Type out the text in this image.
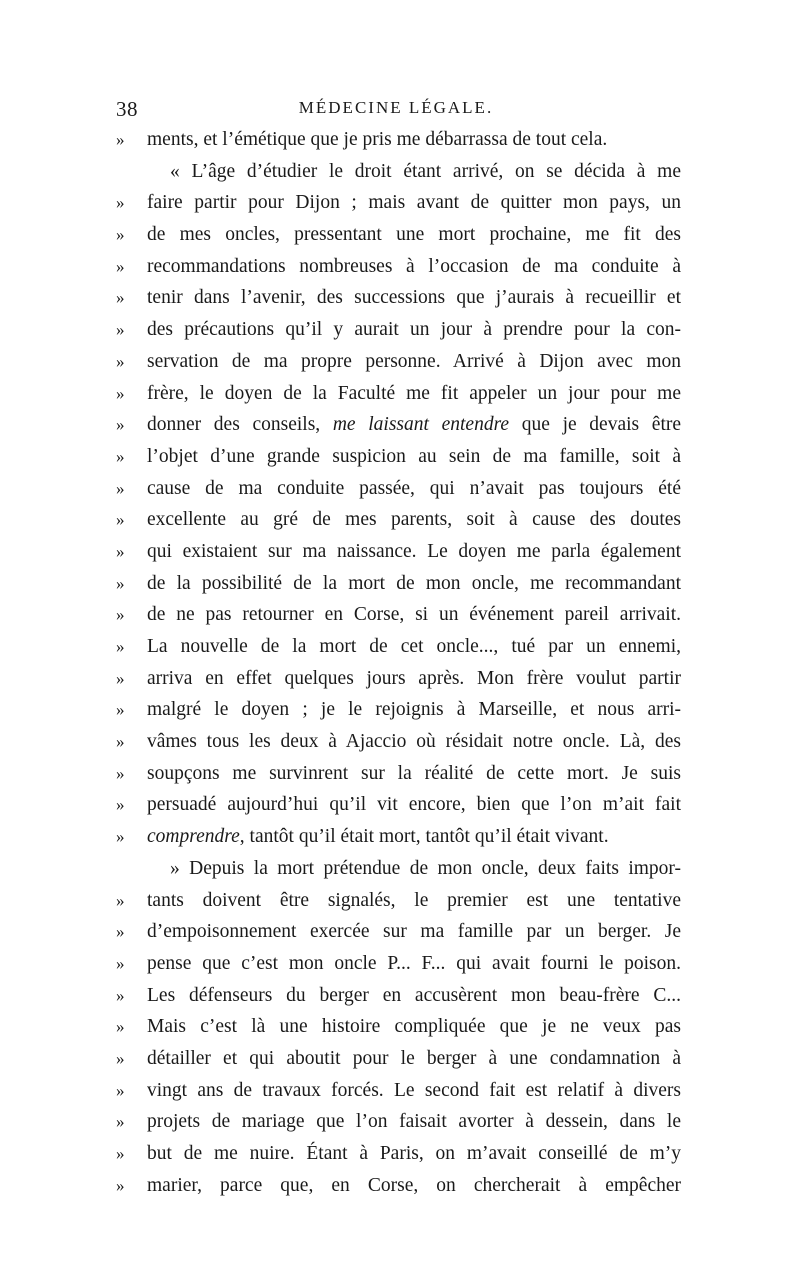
38	MÉDECINE LÉGALE.
»	ments, et l’émétique que je pris me débarrassa de tout cela.
« L’âge d’étudier le droit étant arrivé, on se décida à me
»	faire partir pour Dijon ; mais avant de quitter mon pays, un
»	de mes oncles, pressentant une mort prochaine, me fit des
»	recommandations nombreuses à l’occasion de ma conduite à
»	tenir dans l’avenir, des successions que j’aurais à recueillir et
»	des précautions qu’il y aurait un jour à prendre pour la con-
»	servation de ma propre personne. Arrivé à Dijon avec mon
»	frère, le doyen de la Faculté me fit appeler un jour pour me
»	donner des conseils, me laissant entendre que je devais être
»	l’objet d’une grande suspicion au sein de ma famille, soit à
»	cause de ma conduite passée, qui n’avait pas toujours été
»	excellente au gré de mes parents, soit à cause des doutes
»	qui existaient sur ma naissance. Le doyen me parla également
»	de la possibilité de la mort de mon oncle, me recommandant
»	de ne pas retourner en Corse, si un événement pareil arrivait.
»	La nouvelle de la mort de cet oncle..., tué par un ennemi,
»	arriva en effet quelques jours après. Mon frère voulut partir
»	malgré le doyen ; je le rejoignis à Marseille, et nous arri-
»	vâmes tous les deux à Ajaccio où résidait notre oncle. Là, des
»	soupçons me survinrent sur la réalité de cette mort. Je suis
»	persuadé aujourd’hui qu’il vit encore, bien que l’on m’ait fait
»	comprendre, tantôt qu’il était mort, tantôt qu’il était vivant.
» Depuis la mort prétendue de mon oncle, deux faits impor-
»	tants doivent être signalés, le premier est une tentative
»	d’empoisonnement exercée sur ma famille par un berger. Je
»	pense que c’est mon oncle P... F... qui avait fourni le poison.
»	Les défenseurs du berger en accusèrent mon beau-frère C...
»	Mais c’est là une histoire compliquée que je ne veux pas
»	détailler et qui aboutit pour le berger à une condamnation à
»	vingt ans de travaux forcés. Le second fait est relatif à divers
»	projets de mariage que l’on faisait avorter à dessein, dans le
»	but de me nuire. Étant à Paris, on m’avait conseillé de m’y
»	marier, parce que, en Corse, on chercherait à empêcher
